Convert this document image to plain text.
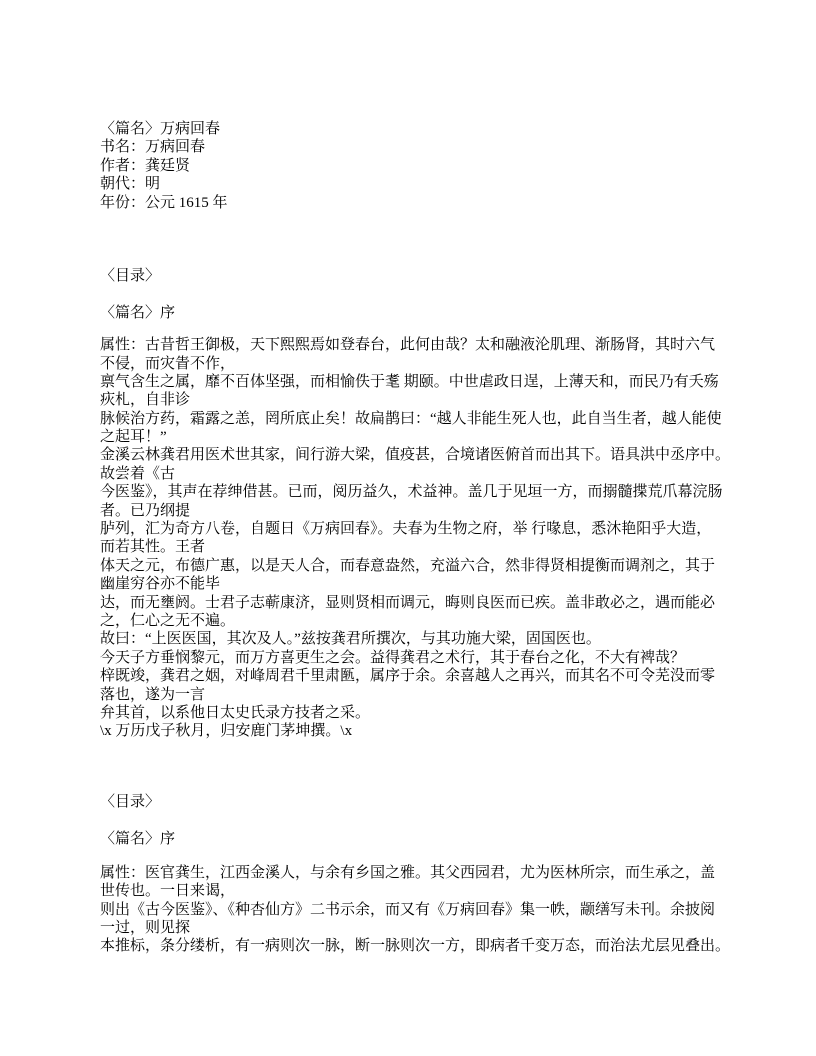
〈篇名〉万病回春
书名：万病回春
作者：龚廷贤
朝代：明
年份：公元 1615 年
〈目录〉
〈篇名〉序
属性：古昔哲王御极，天下熙熙焉如登春台，此何由哉？太和融液沦肌理、渐肠肾，其时六气
不侵，而灾眚不作，
禀气含生之属，靡不百体坚强，而相愉佚于耄 期颐。中世虐政日逞，上薄天和，而民乃有夭殇
疢札，自非诊
脉候治方药，霜露之恙，罔所底止矣！故扁鹊曰：“越人非能生死人也，此自当生者，越人能使
之起耳！”
金溪云林龚君用医术世其家，间行游大梁，值疫甚，合境诸医俯首而出其下。语具洪中丞序中。
故尝着《古
今医鉴》，其声在荐绅借甚。已而，阅历益久，术益神。盖几于见垣一方，而搦髓揲荒爪幕浣肠
者。已乃纲提
胪列，汇为奇方八卷，自题日《万病回春》。夫春为生物之府，举 行喙息，悉沐艳阳乎大造，
而若其性。王者
体天之元，布德广惠，以是天人合，而春意盎然，充溢六合，然非得贤相提衡而调剂之，其于
幽崖穷谷亦不能毕
达，而无壅阏。士君子志蕲康济，显则贤相而调元，晦则良医而已疾。盖非敢必之，遇而能必
之，仁心之无不遍。
故曰：“上医医国，其次及人。”兹按龚君所撰次，与其功施大梁，固国医也。
今天子方垂悯黎元，而万方喜更生之会。益得龚君之术行，其于春台之化，不大有裨哉？
梓既竣，龚君之姻，对峰周君千里肃匦，属序于余。余喜越人之再兴，而其名不可令芜没而零
落也，遂为一言
弁其首，以系他日太史氏录方技者之采。
\x 万历戊子秋月，归安鹿门茅坤撰。\x
〈目录〉
〈篇名〉序
属性：医官龚生，江西金溪人，与余有乡国之雅。其父西园君，尤为医林所宗，而生承之，盖
世传也。一日来谒，
则出《古今医鉴》、《种杏仙方》二书示余，而又有《万病回春》集一帙，颛缮写未刊。余披阅
一过，则见探
本推标，条分缕析，有一病则次一脉，断一脉则次一方，即病者千变万态，而治法尤层见叠出。
